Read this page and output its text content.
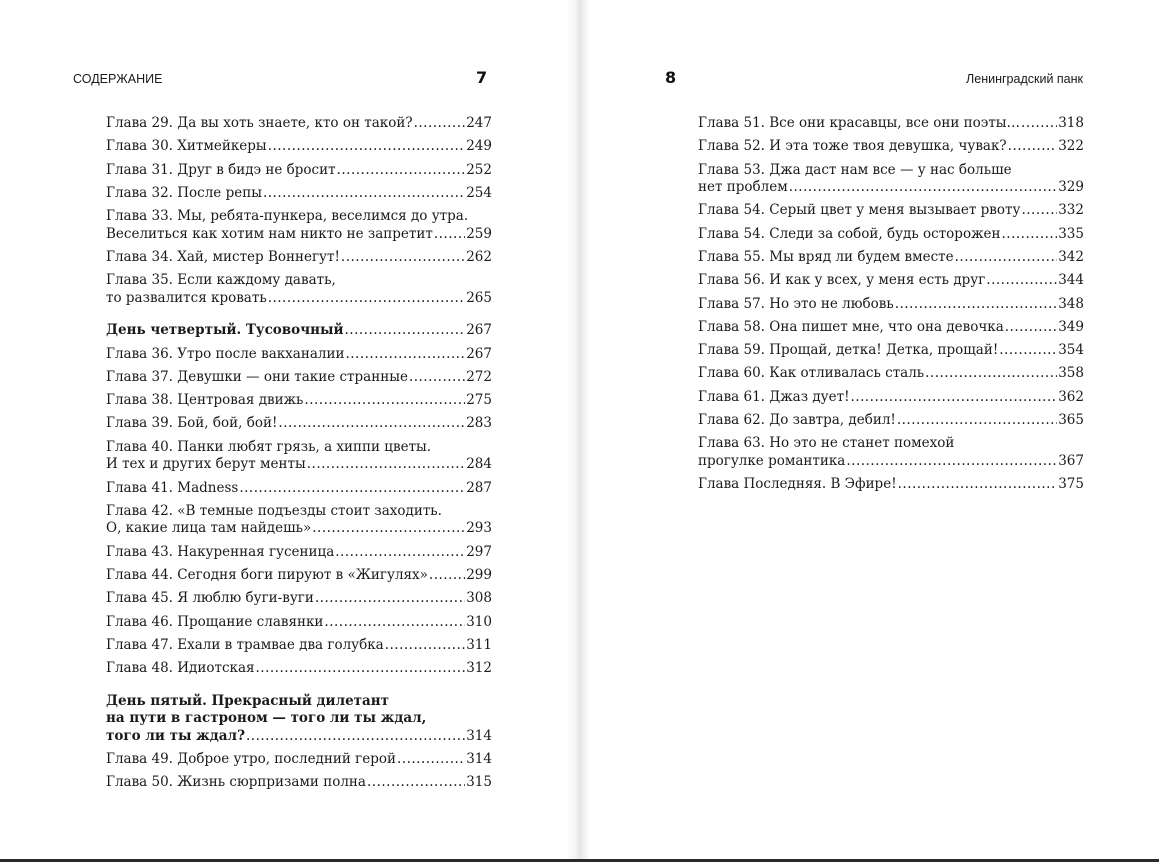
СОДЕРЖАНИЕ	7
Глава 29. Да вы хоть знаете, кто он такой? .....	247
Глава 30. Хитмейкеры .....	249
Глава 31. Друг в бидэ не бросит .....	252
Глава 32. После репы .....	254
Глава 33. Мы, ребята-пункера, веселимся до утра.
Веселиться как хотим нам никто не запретит ..... 259
Глава 34. Хай, мистер Воннегут! .....	262
Глава 35. Если каждому давать,
то развалится кровать .....	265
День четвертый. Тусовочный .....	267
Глава 36. Утро после вакханалии .....	267
Глава 37. Девушки — они такие странные .....	272
Глава 38. Центровая движь .....	275
Глава 39. Бой, бой, бой! .....	283
Глава 40. Панки любят грязь, а хиппи цветы.
И тех и других берут менты .....	284
Глава 41. Madness .....	287
Глава 42. «В темные подъезды стоит заходить.
О, какие лица там найдешь» .....	293
Глава 43. Накуренная гусеница .....	297
Глава 44. Сегодня боги пируют в «Жигулях» .....	299
Глава 45. Я люблю буги-вуги .....	308
Глава 46. Прощание славянки .....	310
Глава 47. Ехали в трамвае два голубка .....	311
Глава 48. Идиотская .....	312
День пятый. Прекрасный дилетант
на пути в гастроном — того ли ты ждал,
того ли ты ждал? .....	314
Глава 49. Доброе утро, последний герой .....	314
Глава 50. Жизнь сюрпризами полна .....	315
8	Ленинградский панк
Глава 51. Все они красавцы, все они поэты… .....	318
Глава 52. И эта тоже твоя девушка, чувак? .....	322
Глава 53. Джа даст нам все — у нас больше
нет проблем .....	329
Глава 54. Серый цвет у меня вызывает рвоту .....	332
Глава 54. Следи за собой, будь осторожен .....	335
Глава 55. Мы вряд ли будем вместе .....	342
Глава 56. И как у всех, у меня есть друг .....	344
Глава 57. Но это не любовь .....	348
Глава 58. Она пишет мне, что она девочка .....	349
Глава 59. Прощай, детка! Детка, прощай! .....	354
Глава 60. Как отливалась сталь .....	358
Глава 61. Джаз дует! .....	362
Глава 62. До завтра, дебил! .....	365
Глава 63. Но это не станет помехой
прогулке романтика .....	367
Глава Последняя. В Эфире! .....	375
